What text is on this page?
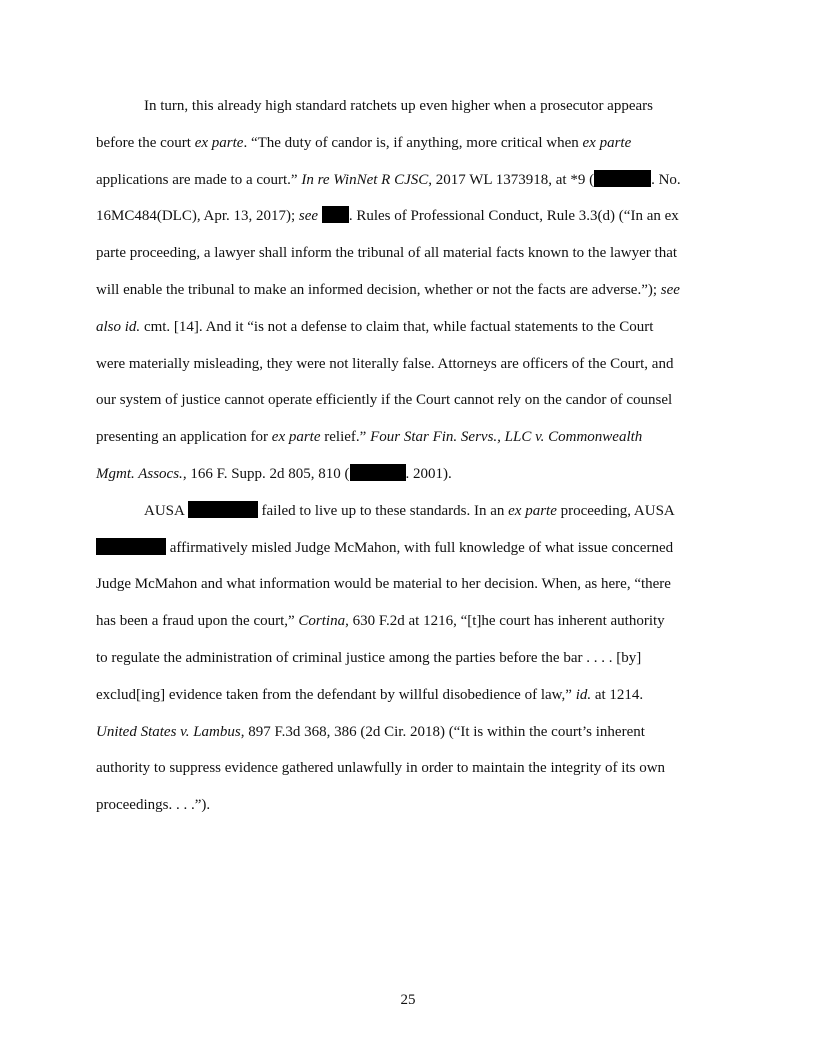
In turn, this already high standard ratchets up even higher when a prosecutor appears
before the court ex parte. “The duty of candor is, if anything, more critical when ex parte
applications are made to a court.” In re WinNet R CJSC, 2017 WL 1373918, at *9 (	. No.
16MC484(DLC), Apr. 13, 2017); see . Rules of Professional Conduct, Rule 3.3(d) (“In an ex
parte proceeding, a lawyer shall inform the tribunal of all material facts known to the lawyer that
will enable the tribunal to make an informed decision, whether or not the facts are adverse.”); see
also id. cmt. [14]. And it “is not a defense to claim that, while factual statements to the Court
were materially misleading, they were not literally false. Attorneys are officers of the Court, and
our system of justice cannot operate efficiently if the Court cannot rely on the candor of counsel
presenting an application for ex parte relief.” Four Star Fin. Servs., LLC v. Commonwealth
Mgmt. Assocs., 166 F. Supp. 2d 805, 810 (	. 2001).
AUSA	failed to live up to these standards. In an ex parte proceeding, AUSA
affirmatively misled Judge McMahon, with full knowledge of what issue concerned
Judge McMahon and what information would be material to her decision. When, as here, “there
has been a fraud upon the court,” Cortina, 630 F.2d at 1216, “[t]he court has inherent authority
to regulate the administration of criminal justice among the parties before the bar . . . . [by]
exclud[ing] evidence taken from the defendant by willful disobedience of law,” id. at 1214.
United States v. Lambus, 897 F.3d 368, 386 (2d Cir. 2018) (“It is within the court’s inherent
authority to suppress evidence gathered unlawfully in order to maintain the integrity of its own
proceedings. . . .”).
25
